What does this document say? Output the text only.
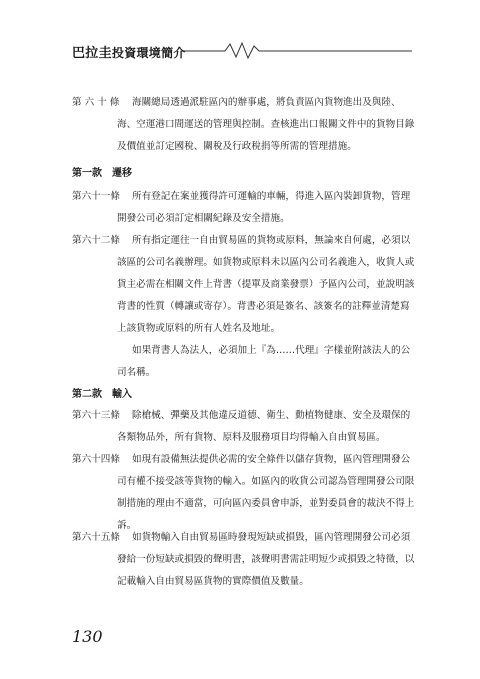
巴拉圭投資環境簡介
第 六 十 條 海關總局透過派駐區內的辦事處，將負責區內貨物進出及與陸、

海、空運港口間運送的管理與控制。查核進出口報關文件中的貨物目錄

及價值並訂定國稅、關稅及行政稅捐等所需的管理措施。

第一款　遷移
第六十一條 所有登記在案並獲得許可運輸的車輛，得進入區內裝卸貨物，管理

開發公司必須訂定相關紀錄及安全措施。

第六十二條 所有指定運往一自由貿易區的貨物或原料，無論來自何處，必須以

該區的公司名義辦理。如貨物或原料未以區內公司名義進入，收貨人或

貨主必需在相關文件上背書（提單及商業發票）予區內公司，並說明該

背書的性質（轉讓或寄存）。背書必須是簽名、該簽名的註釋並清楚寫

上該貨物或原料的所有人姓名及地址。

如果背書人為法人，必須加上『為……代理』字樣並附該法人的公

司名稱。

第二款　輸入
第六十三條 除槍械、彈藥及其他違反道德、衛生、動植物健康、安全及環保的

各類物品外，所有貨物、原料及服務項目均得輸入自由貿易區。

第六十四條 如現有設備無法提供必需的安全條件以儲存貨物，區內管理開發公

司有權不接受該等貨物的輸入。如區內的收貨公司認為管理開發公司限

制措施的理由不適當，可向區內委員會申訴，並對委員會的裁決不得上

訴。

第六十五條 如貨物輸入自由貿易區時發現短缺或損毀，區內管理開發公司必須

發給一份短缺或損毀的聲明書，該聲明書需註明短少或損毀之特徵，以

記載輸入自由貿易區貨物的實際價值及數量。

130
